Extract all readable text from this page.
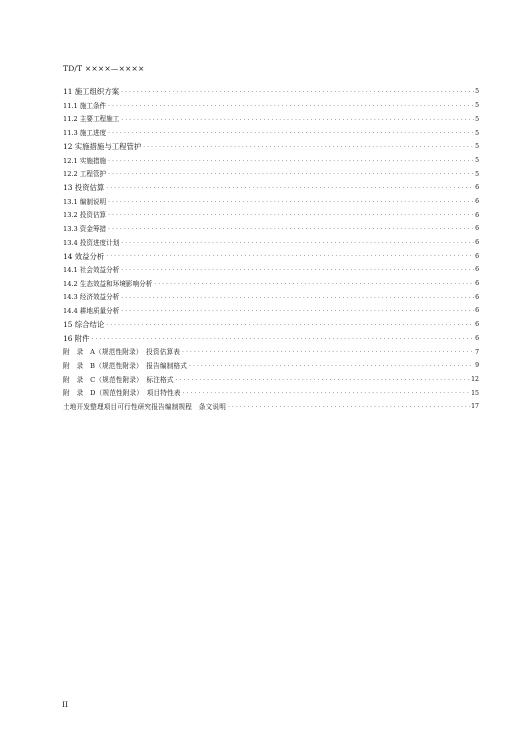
TD/T ××××—××××
11 施工组织方案 .....	5
11.1 施工条件 .....	5
11.2 主要工程施工 .....	5
11.3 施工进度 .....	5
12 实施措施与工程管护 .....	5
12.1 实施措施 .....	5
12.2 工程管护 .....	5
13 投资估算 .....	6
13.1 编制说明 .....	6
13.2 投资估算 .....	6
13.3 资金筹措 .....	6
13.4 投资进度计划 .....	6
14 效益分析 .....	6
14.1 社会效益分析 .....	6
14.2 生态效益和环境影响分析 .....	6
14.3 经济效益分析 .....	6
14.4 耕地质量分析 .....	6
15 综合结论 .....	6
16 附件 .....	6
附　录　A（规范性附录）　投资估算表 .....	7
附　录　B（规范性附录）　报告编制格式 .....	9
附　录　C（规范性附录）　标注格式 .....	12
附　录　D（规范性附录）　项目特性表 .....	15
土地开发整理项目可行性研究报告编制规程　条文说明 .....	17
II
